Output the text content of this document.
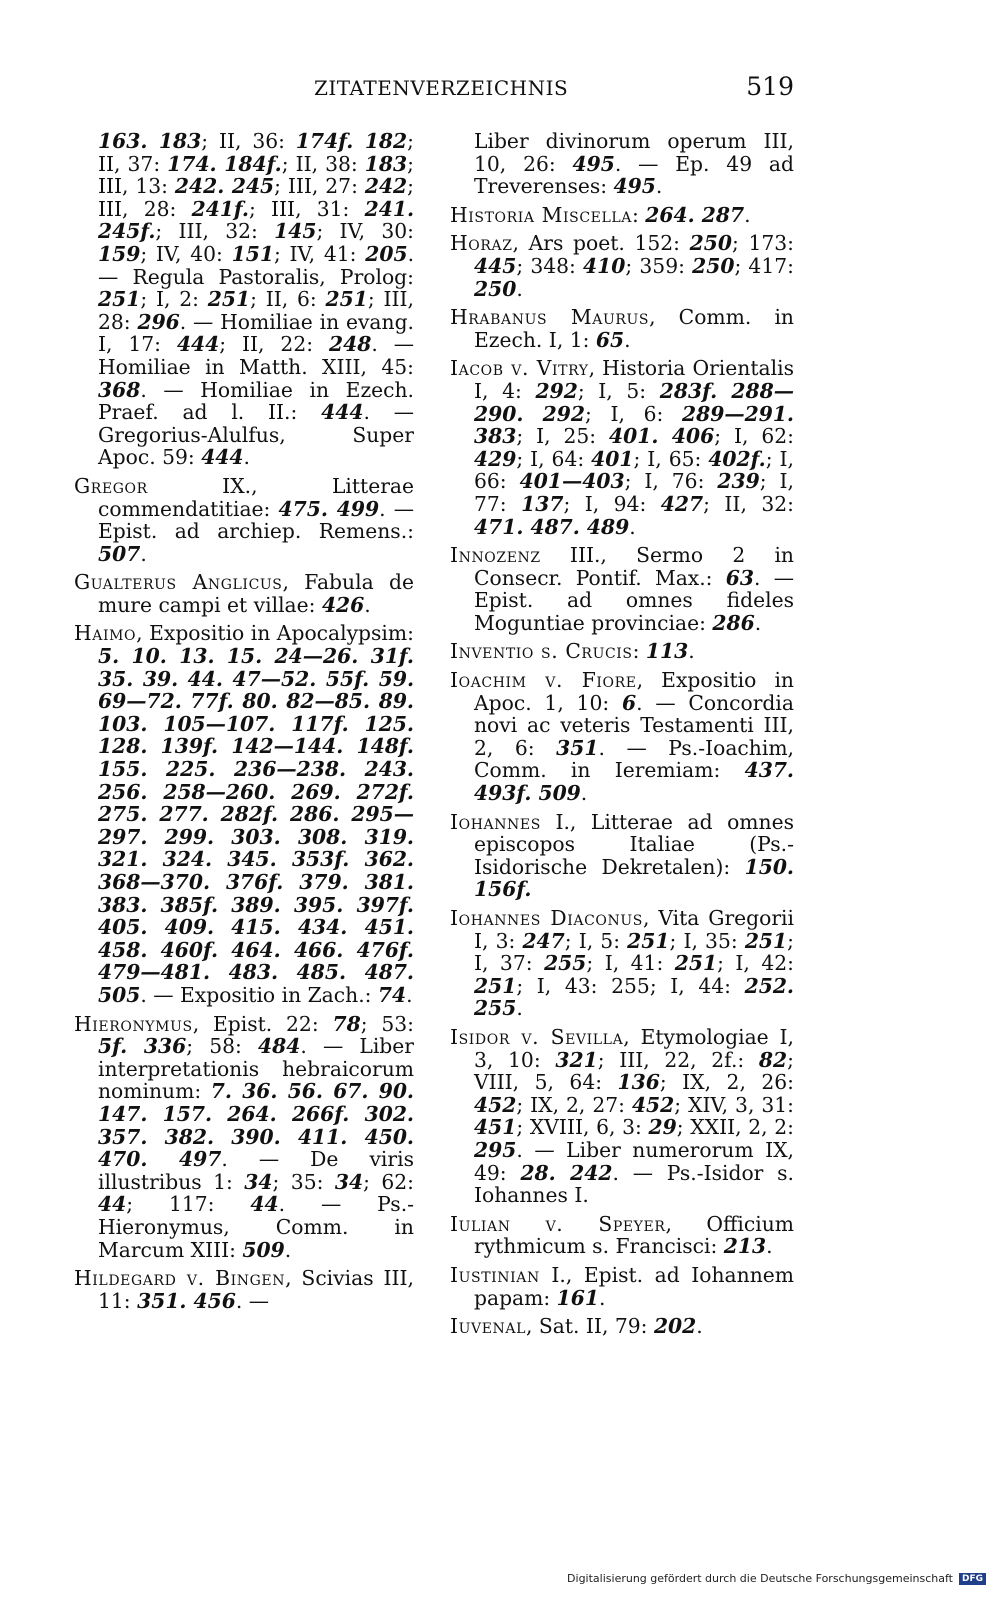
ZITATENVERZEICHNIS	519

163. 183; II, 36: 174f. 182; II, 37: 174. 184f.; II, 38: 183; III, 13: 242. 245; III, 27: 242; III, 28: 241f.; III, 31: 241. 245f.; III, 32: 145; IV, 30: 159; IV, 40: 151; IV, 41: 205. — Regula Pastoralis, Prolog: 251; I, 2: 251; II, 6: 251; III, 28: 296. — Homiliae in evang. I, 17: 444; II, 22: 248. — Homiliae in Matth. XIII, 45: 368. — Homiliae in Ezech. Praef. ad l. II.: 444. — Gregorius-Alulfus, Super Apoc. 59: 444.

Gregor IX., Litterae commendatitiae: 475. 499. — Epist. ad archiep. Remens.: 507.

Gualterus Anglicus, Fabula de mure campi et villae: 426.

Haimo, Expositio in Apocalypsim: 5. 10. 13. 15. 24—26. 31f. 35. 39. 44. 47—52. 55f. 59. 69—72. 77f. 80. 82—85. 89. 103. 105—107. 117f. 125. 128. 139f. 142—144. 148f. 155. 225. 236—238. 243. 256. 258—260. 269. 272f. 275. 277. 282f. 286. 295—297. 299. 303. 308. 319. 321. 324. 345. 353f. 362. 368—370. 376f. 379. 381. 383. 385f. 389. 395. 397f. 405. 409. 415. 434. 451. 458. 460f. 464. 466. 476f. 479—481. 483. 485. 487. 505. — Expositio in Zach.: 74.

Hieronymus, Epist. 22: 78; 53: 5f. 336; 58: 484. — Liber interpretationis hebraicorum nominum: 7. 36. 56. 67. 90. 147. 157. 264. 266f. 302. 357. 382. 390. 411. 450. 470. 497. — De viris illustribus 1: 34; 35: 34; 62: 44; 117: 44. — Ps.-Hieronymus, Comm. in Marcum XIII: 509.

Hildegard v. Bingen, Scivias III, 11: 351. 456. —

Liber divinorum operum III, 10, 26: 495. — Ep. 49 ad Treverenses: 495.

Historia Miscella: 264. 287.

Horaz, Ars poet. 152: 250; 173: 445; 348: 410; 359: 250; 417: 250.

Hrabanus Maurus, Comm. in Ezech. I, 1: 65.

Iacob v. Vitry, Historia Orientalis I, 4: 292; I, 5: 283f. 288—290. 292; I, 6: 289—291. 383; I, 25: 401. 406; I, 62: 429; I, 64: 401; I, 65: 402f.; I, 66: 401—403; I, 76: 239; I, 77: 137; I, 94: 427; II, 32: 471. 487. 489.

Innozenz III., Sermo 2 in Consecr. Pontif. Max.: 63. — Epist. ad omnes fideles Moguntiae provinciae: 286.

Inventio s. Crucis: 113.

Ioachim v. Fiore, Expositio in Apoc. 1, 10: 6. — Concordia novi ac veteris Testamenti III, 2, 6: 351. — Ps.-Ioachim, Comm. in Ieremiam: 437. 493f. 509.

Iohannes I., Litterae ad omnes episcopos Italiae (Ps.-Isidorische Dekretalen): 150. 156f.

Iohannes Diaconus, Vita Gregorii I, 3: 247; I, 5: 251; I, 35: 251; I, 37: 255; I, 41: 251; I, 42: 251; I, 43: 255; I, 44: 252. 255.

Isidor v. Sevilla, Etymologiae I, 3, 10: 321; III, 22, 2f.: 82; VIII, 5, 64: 136; IX, 2, 26: 452; IX, 2, 27: 452; XIV, 3, 31: 451; XVIII, 6, 3: 29; XXII, 2, 2: 295. — Liber numerorum IX, 49: 28. 242. — Ps.-Isidor s. Iohannes I.

Iulian v. Speyer, Officium rythmicum s. Francisci: 213.

Iustinian I., Epist. ad Iohannem papam: 161.

Iuvenal, Sat. II, 79: 202.

Digitalisierung gefördert durch die Deutsche Forschungsgemeinschaft	DFG
